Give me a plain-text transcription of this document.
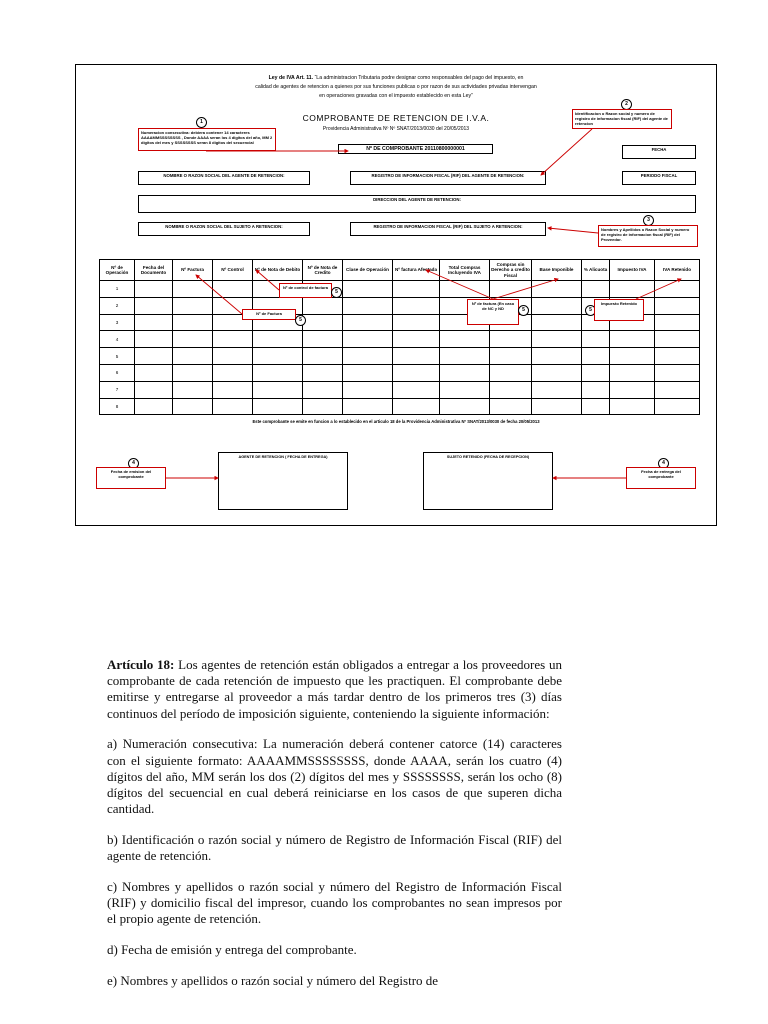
Ley de IVA Art. 11. “La administracion Tributaria podre designar como responsables del pago del impuesto, en
calidad de agentes de retencion a quienes por sus funciones publicas o por razon de sus actividades privadas intervengan
en operaciones gravadas con el impuesto establecido en esta Ley”
COMPROBANTE DE RETENCION DE I.V.A.
Providencia Administrativa Nº Nº SNAT/2013/0030 del 20/05/2013
1
Numeracion consecutiva: debiera contener 14 caracteres AAAAMMSSSSSSSS , Donde AAAA seran los 4 digitos del año, MM 2 digitos del mes y SSSSSSSS seran 8 digitos del secuencial
2
Identificacion o Razon social y numero de registro de informacion fiscal (RIF) del agente de retencion
Nº DE COMPROBANTE 20110800000001	FECHA
NOMBRE O RAZON SOCIAL DEL AGENTE DE RETENCION:	REGISTRO DE INFORMACION FISCAL (RIF) DEL AGENTE DE RETENCION:	PERIODO FISCAL
DIRECCION DEL AGENTE DE RETENCION:
NOMBRE O RAZON SOCIAL DEL SUJETO A RETENCION:	REGISTRO DE INFORMACION FISCAL (RIF) DEL SUJETO A RETENCION:
3
Nombres y Apellidos o Razon Social y numero de registro de informacion fiscal (RIF) del Proveedor.
Nº de Operación	Fecha del Documento	Nº Factura	Nº Control	Nº de Nota de Debito	Nº de Nota de Credito	Clase de Operación	Nº factura Afectada	Total Compras Incluyendo IVA	Compras sin Derecho a credito Fiscal	Base Imponible	% Alicuota	Impuesto IVA	IVA Retenido
1													
2													
3													
4													
5													
6													
7													
8													
Nº de control de factura
5
Nº de Factura
5
Nº de factura (En caso de NC y ND	5	5
Impuesto Retenido
Este comprobante se emite en funcion a lo establecido en el articulo 18 de la Providencia Administrativa Nº SNAT/2013/0030 de fecha 20/05/2013
AGENTE DE RETENCION ( FECHA DE ENTREGA)	SUJETO RETENIDO (FECHA DE RECEPCION)
4
Fecha de emision del comprobante
4
Fecha de entrega del comprobante

Artículo 18: Los agentes de retención están obligados a entregar a los proveedores un comprobante de cada retención de impuesto que les practiquen. El comprobante debe emitirse y entregarse al proveedor a más tardar dentro de los primeros tres (3) días continuos del período de imposición siguiente, conteniendo la siguiente información:

a) Numeración consecutiva: La numeración deberá contener catorce (14) caracteres con el siguiente formato: AAAAMMSSSSSSSS, donde AAAA, serán los cuatro (4) dígitos del año, MM serán los dos (2) dígitos del mes y SSSSSSSS, serán los ocho (8) dígitos del secuencial en cual deberá reiniciarse en los casos de que superen dicha cantidad.

b) Identificación o razón social y número de Registro de Información Fiscal (RIF) del agente de retención.

c) Nombres y apellidos o razón social y número del Registro de Información Fiscal (RIF) y domicilio fiscal del impresor, cuando los comprobantes no sean impresos por el propio agente de retención.

d) Fecha de emisión y entrega del comprobante.

e) Nombres y apellidos o razón social y número del Registro de
